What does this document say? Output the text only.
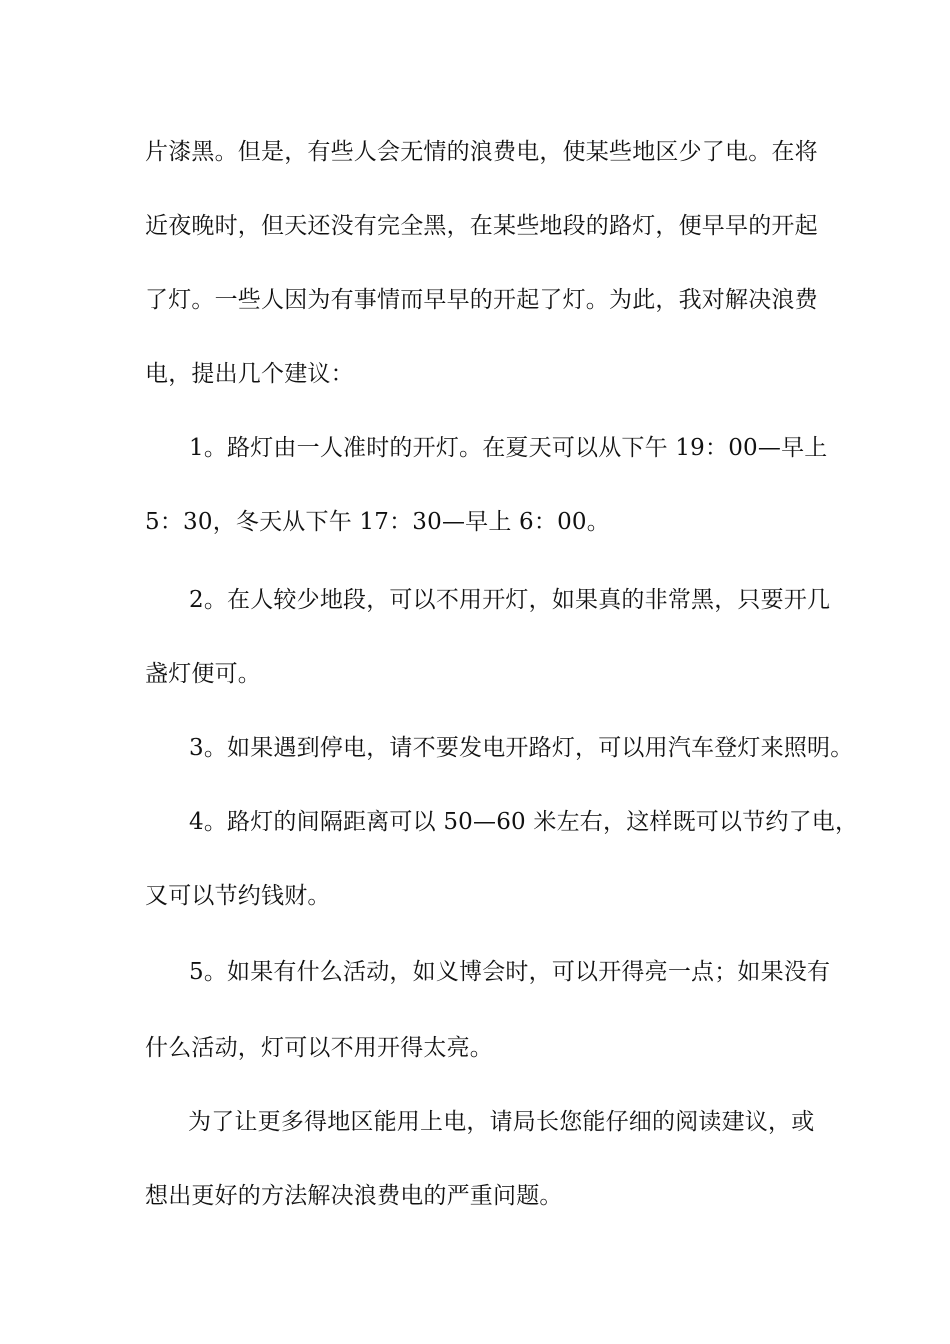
片漆黑。但是，有些人会无情的浪费电，使某些地区少了电。在将
近夜晚时，但天还没有完全黑，在某些地段的路灯，便早早的开起
了灯。一些人因为有事情而早早的开起了灯。为此，我对解决浪费
电，提出几个建议：
1。路灯由一人准时的开灯。在夏天可以从下午 19：00—早上
5：30，冬天从下午 17：30—早上 6：00。
2。在人较少地段，可以不用开灯，如果真的非常黑，只要开几
盏灯便可。
3。如果遇到停电，请不要发电开路灯，可以用汽车登灯来照明。
4。路灯的间隔距离可以 50—60 米左右，这样既可以节约了电，
又可以节约钱财。
5。如果有什么活动，如义博会时，可以开得亮一点；如果没有
什么活动，灯可以不用开得太亮。
为了让更多得地区能用上电，请局长您能仔细的阅读建议，或
想出更好的方法解决浪费电的严重问题。
